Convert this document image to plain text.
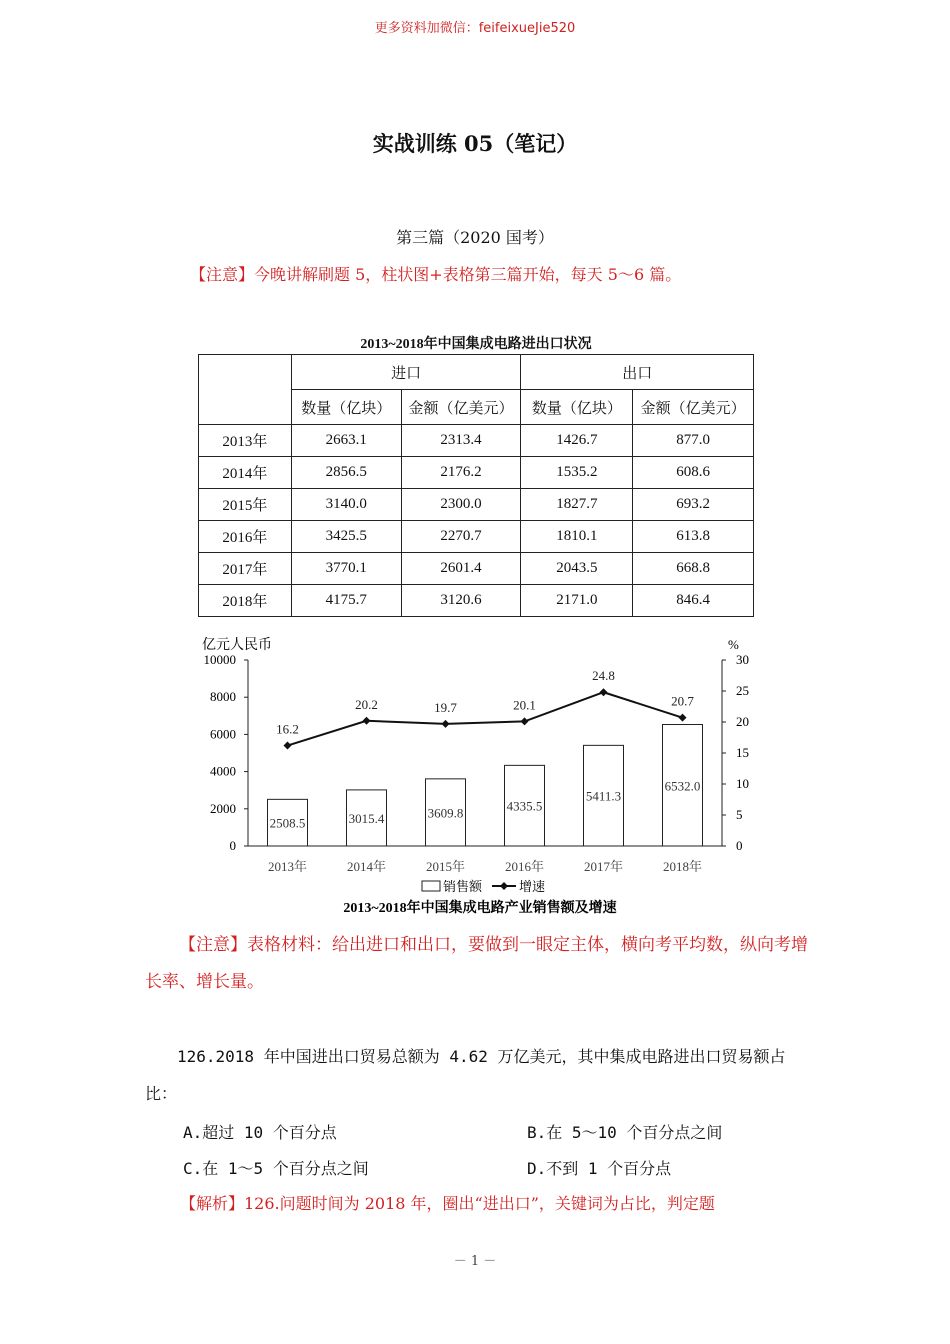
更多资料加微信：feifeixueJie520
实战训练 05（笔记）
第三篇（2020 国考）
【注意】今晚讲解刷题 5，柱状图+表格第三篇开始，每天 5～6 篇。
2013~2018年中国集成电路进出口状况
	进口		出口	
	数量（亿块）	金额（亿美元）	数量（亿块）	金额（亿美元）
2013年	2663.1	2313.4	1426.7	877.0
2014年	2856.5	2176.2	1535.2	608.6
2015年	3140.0	2300.0	1827.7	693.2
2016年	3425.5	2270.7	1810.1	613.8
2017年	3770.1	2601.4	2043.5	668.8
2018年	4175.7	3120.6	2171.0	846.4
0
2000
4000
6000
8000
10000
0
5
10
15
20
25
30
亿元人民币	%
2508.5	3015.4	3609.8	4335.5
5411.3
6532.0
2013年	2014年	2015年	2016年	2017年	2018年
16.2
20.2	19.7	20.1
24.8
20.7
销售额	增速
2013~2018年中国集成电路产业销售额及增速
【注意】表格材料：给出进口和出口，要做到一眼定主体，横向考平均数，纵向考增长率、增长量。
126.2018 年中国进出口贸易总额为 4.62 万亿美元，其中集成电路进出口贸易额占比：
A.超过 10 个百分点	B.在 5～10 个百分点之间
C.在 1～5 个百分点之间	D.不到 1 个百分点
【解析】126.问题时间为 2018 年，圈出“进出口”，关键词为占比，判定题
－ 1 －
